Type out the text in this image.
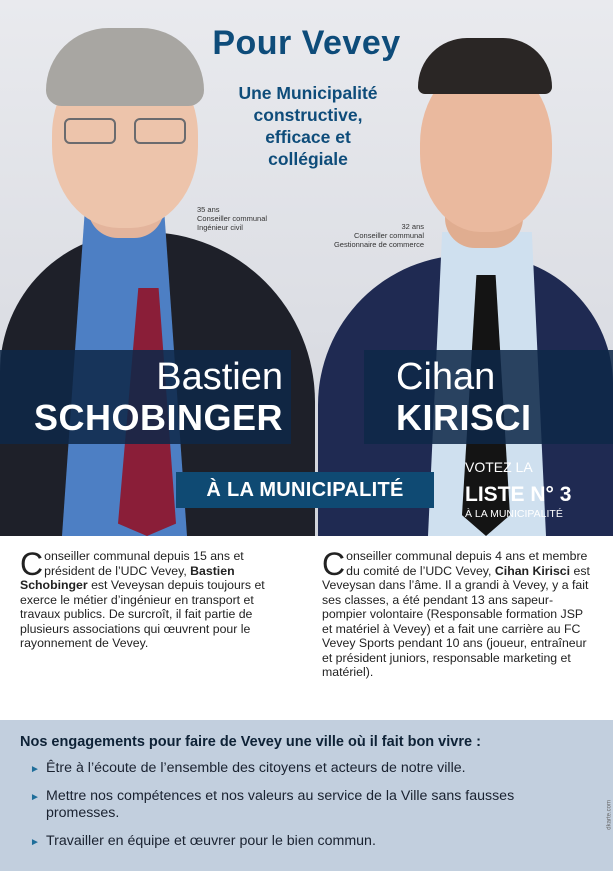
Pour Vevey
Une Municipalité
constructive,
efficace et
collégiale
35 ans
Conseiller communal
Ingénieur civil	32 ans
Conseiller communal
Gestionnaire de commerce
Bastien
SCHOBINGER
Cihan
KIRISCI
À LA MUNICIPALITÉ
VOTEZ LA
LISTE N° 3
À LA MUNICIPALITÉ
C onseiller communal depuis 15 ans et président de l’UDC Vevey, Bastien Schobinger est Veveysan depuis toujours et exerce le métier d’ingénieur en transport et travaux publics. De surcroît, il fait partie de plusieurs associations qui œuvrent pour le rayonnement de Vevey.
C onseiller communal depuis 4 ans et membre du comité de l’UDC Vevey, Cihan Kirisci est Veveysan dans l’âme. Il a grandi à Vevey, y a fait ses classes, a été pendant 13 ans sapeur-pompier volontaire (Responsable formation JSP et matériel à Vevey) et a fait une carrière au FC Vevey Sports pendant 10 ans (joueur, entraîneur et président juniors, responsable marketing et matériel).
Nos engagements pour faire de Vevey une ville où il fait bon vivre :
► Être à l’écoute de l’ensemble des citoyens et acteurs de notre ville.
► Mettre nos compétences et nos valeurs au service de la Ville sans fausses promesses.
► Travailler en équipe et œuvrer pour le bien commun.
dkarte.com
